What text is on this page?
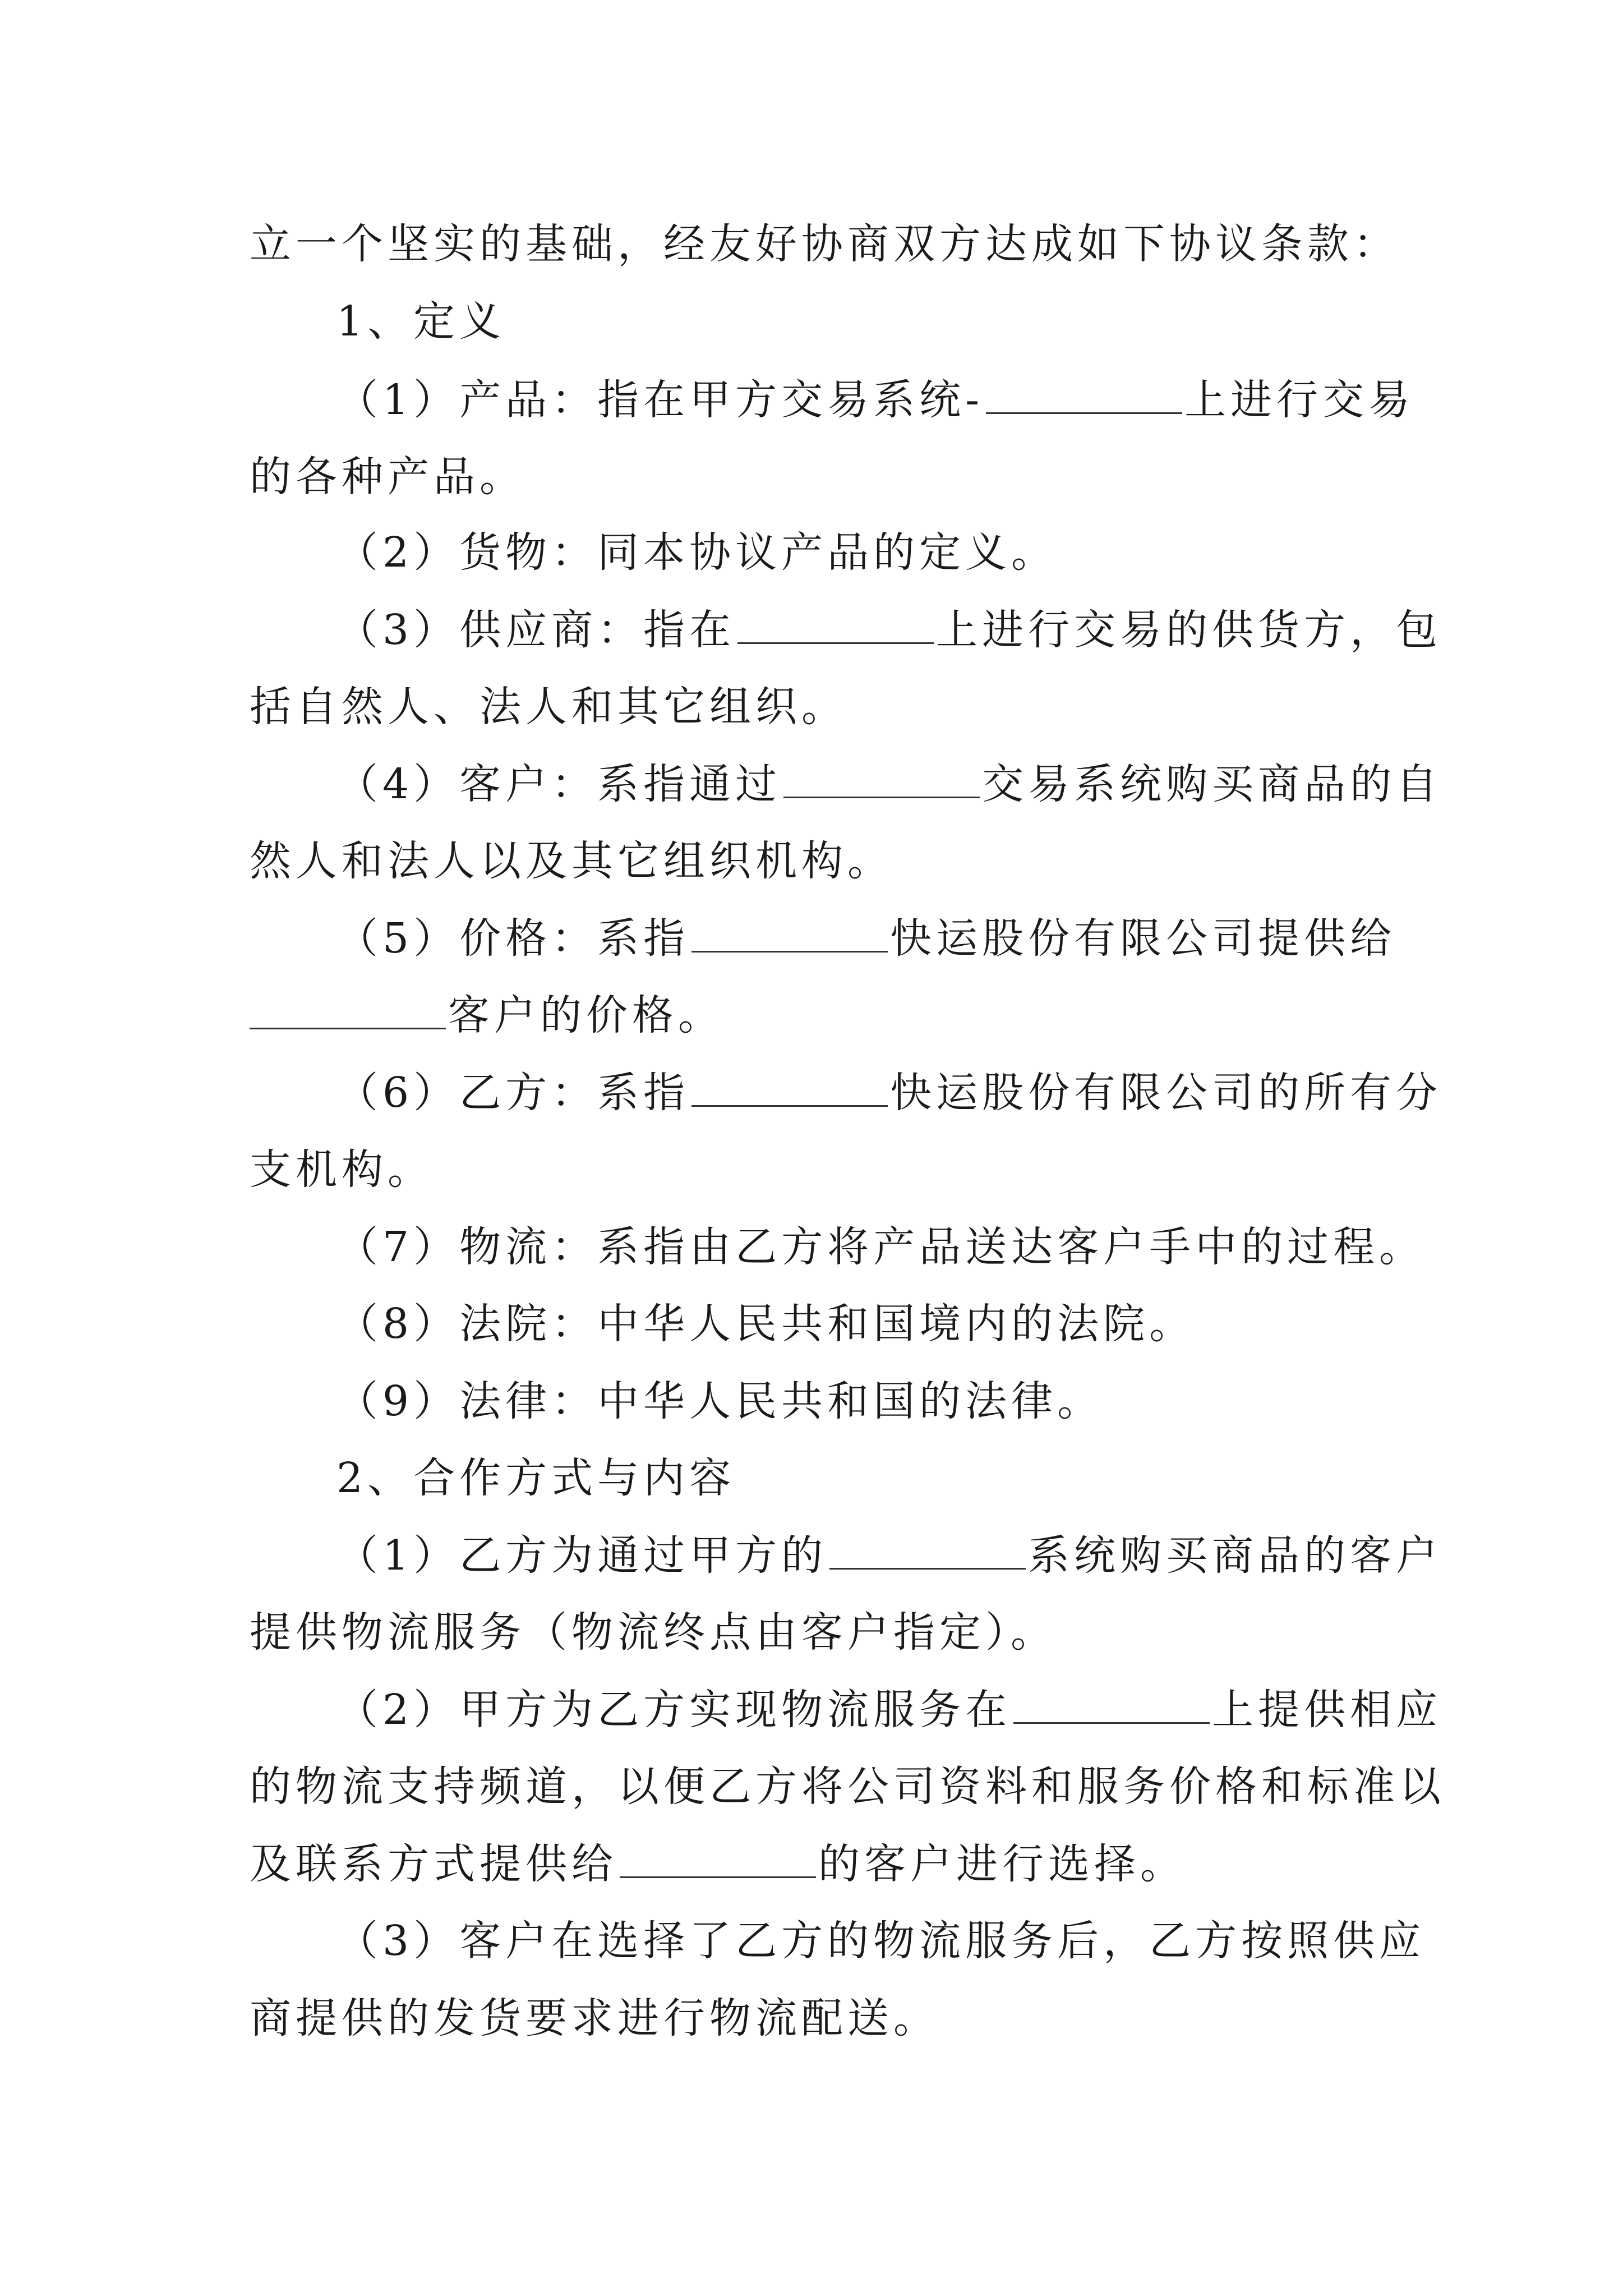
立一个坚实的基础，经友好协商双方达成如下协议条款：
1、定义
（1）产品：指在甲方交易系统-	上进行交易
的各种产品。
（2）货物：同本协议产品的定义。
（3）供应商：指在	上进行交易的供货方，包
括自然人、法人和其它组织。
（4）客户：系指通过	交易系统购买商品的自
然人和法人以及其它组织机构。
（5）价格：系指	快运股份有限公司提供给
客户的价格。
（6）乙方：系指	快运股份有限公司的所有分
支机构。
（7）物流：系指由乙方将产品送达客户手中的过程。
（8）法院：中华人民共和国境内的法院。
（9）法律：中华人民共和国的法律。
2、合作方式与内容
（1）乙方为通过甲方的	系统购买商品的客户
提供物流服务（物流终点由客户指定）。
（2）甲方为乙方实现物流服务在	上提供相应
的物流支持频道，以便乙方将公司资料和服务价格和标准以
及联系方式提供给	的客户进行选择。
（3）客户在选择了乙方的物流服务后，乙方按照供应
商提供的发货要求进行物流配送。
